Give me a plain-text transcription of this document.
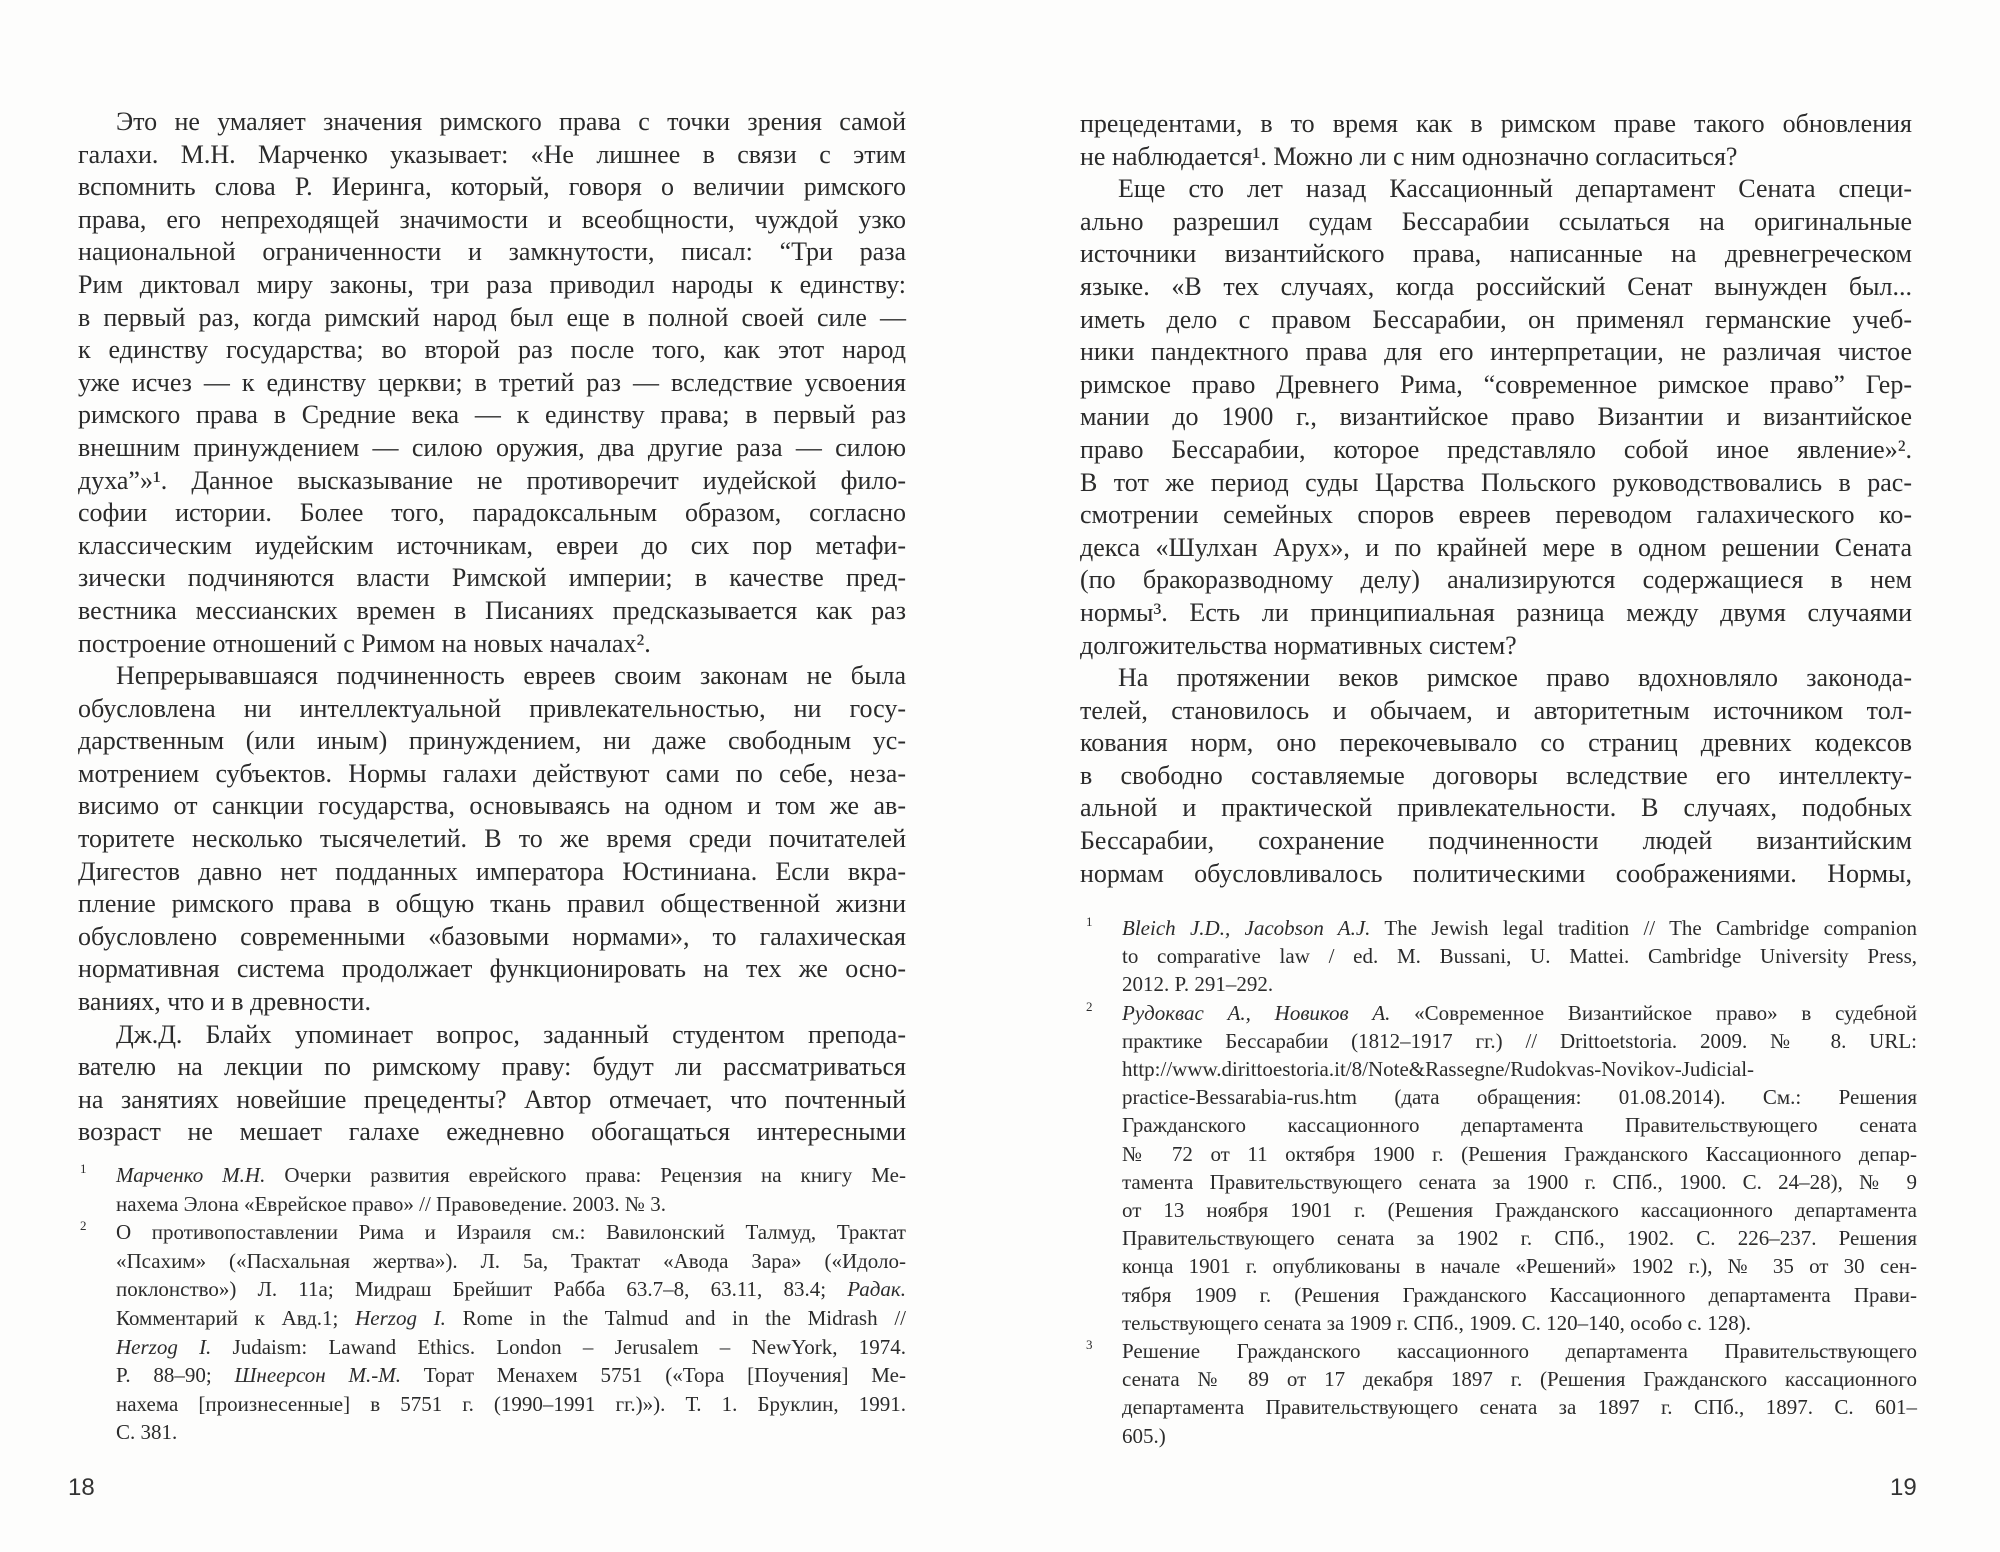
Это не умаляет значения римского права с точки зрения самой
галахи. М.Н. Марченко указывает: «Не лишнее в связи с этим
вспомнить слова Р. Иеринга, который, говоря о величии римского
права, его непреходящей значимости и всеобщности, чуждой узко
национальной ограниченности и замкнутости, писал: “Три раза
Рим диктовал миру законы, три раза приводил народы к единству:
в первый раз, когда римский народ был еще в полной своей силе —
к единству государства; во второй раз после того, как этот народ
уже исчез — к единству церкви; в третий раз — вследствие усвоения
римского права в Средние века — к единству права; в первый раз
внешним принуждением — силою оружия, два другие раза — силою
духа”»¹. Данное высказывание не противоречит иудейской фило-
софии истории. Более того, парадоксальным образом, согласно
классическим иудейским источникам, евреи до сих пор метафи-
зически подчиняются власти Римской империи; в качестве пред-
вестника мессианских времен в Писаниях предсказывается как раз
построение отношений с Римом на новых началах².
Непрерывавшаяся подчиненность евреев своим законам не была
обусловлена ни интеллектуальной привлекательностью, ни госу-
дарственным (или иным) принуждением, ни даже свободным ус-
мотрением субъектов. Нормы галахи действуют сами по себе, неза-
висимо от санкции государства, основываясь на одном и том же ав-
торитете несколько тысячелетий. В то же время среди почитателей
Дигестов давно нет подданных императора Юстиниана. Если вкра-
пление римского права в общую ткань правил общественной жизни
обусловлено современными «базовыми нормами», то галахическая
нормативная система продолжает функционировать на тех же осно-
ваниях, что и в древности.
Дж.Д. Блайх упоминает вопрос, заданный студентом препода-
вателю на лекции по римскому праву: будут ли рассматриваться
на занятиях новейшие прецеденты? Автор отмечает, что почтенный
возраст не мешает галахе ежедневно обогащаться интересными
1 Марченко М.Н. Очерки развития еврейского права: Рецензия на книгу Ме-
нахема Элона «Еврейское право» // Правоведение. 2003. № 3.
2 О противопоставлении Рима и Израиля см.: Вавилонский Талмуд, Трактат
«Псахим» («Пасхальная жертва»). Л. 5а, Трактат «Авода Зара» («Идоло-
поклонство») Л. 11а; Мидраш Брейшит Рабба 63.7–8, 63.11, 83.4; Радак.
Комментарий к Авд.1; Herzog I. Rome in the Talmud and in the Midrash //
Herzog I. Judaism: Lawand Ethics. London – Jerusalem – NewYork, 1974.
P. 88–90; Шнеерсон М.-М. Торат Менахем 5751 («Тора [Поучения] Ме-
нахема [произнесенные] в 5751 г. (1990–1991 гг.)»). Т. 1. Бруклин, 1991.
С. 381.
18
прецедентами, в то время как в римском праве такого обновления
не наблюдается¹. Можно ли с ним однозначно согласиться?
Еще сто лет назад Кассационный департамент Сената специ-
ально разрешил судам Бессарабии ссылаться на оригинальные
источники византийского права, написанные на древнегреческом
языке. «В тех случаях, когда российский Сенат вынужден был...
иметь дело с правом Бессарабии, он применял германские учеб-
ники пандектного права для его интерпретации, не различая чистое
римское право Древнего Рима, “современное римское право” Гер-
мании до 1900 г., византийское право Византии и византийское
право Бессарабии, которое представляло собой иное явление»².
В тот же период суды Царства Польского руководствовались в рас-
смотрении семейных споров евреев переводом галахического ко-
декса «Шулхан Арух», и по крайней мере в одном решении Сената
(по бракоразводному делу) анализируются содержащиеся в нем
нормы³. Есть ли принципиальная разница между двумя случаями
долгожительства нормативных систем?
На протяжении веков римское право вдохновляло законода-
телей, становилось и обычаем, и авторитетным источником тол-
кования норм, оно перекочевывало со страниц древних кодексов
в свободно составляемые договоры вследствие его интеллекту-
альной и практической привлекательности. В случаях, подобных
Бессарабии, сохранение подчиненности людей византийским
нормам обусловливалось политическими соображениями. Нормы,
1 Bleich J.D., Jacobson A.J. The Jewish legal tradition // The Cambridge companion
to comparative law / ed. M. Bussani, U. Mattei. Cambridge University Press,
2012. P. 291–292.
2 Рудоквас А., Новиков А. «Современное Византийское право» в судебной
практике Бессарабии (1812–1917 гг.) // Drittoetstoria. 2009. № 8. URL:
http://www.dirittoestoria.it/8/Note&Rassegne/Rudokvas-Novikov-Judicial-
practice-Bessarabia-rus.htm (дата обращения: 01.08.2014). См.: Решения
Гражданского кассационного департамента Правительствующего сената
№ 72 от 11 октября 1900 г. (Решения Гражданского Кассационного депар-
тамента Правительствующего сената за 1900 г. СПб., 1900. С. 24–28), № 9
от 13 ноября 1901 г. (Решения Гражданского кассационного департамента
Правительствующего сената за 1902 г. СПб., 1902. С. 226–237. Решения
конца 1901 г. опубликованы в начале «Решений» 1902 г.), № 35 от 30 сен-
тября 1909 г. (Решения Гражданского Кассационного департамента Прави-
тельствующего сената за 1909 г. СПб., 1909. С. 120–140, особо с. 128).
3 Решение Гражданского кассационного департамента Правительствующего
сената № 89 от 17 декабря 1897 г. (Решения Гражданского кассационного
департамента Правительствующего сената за 1897 г. СПб., 1897. С. 601–
605.)
19
